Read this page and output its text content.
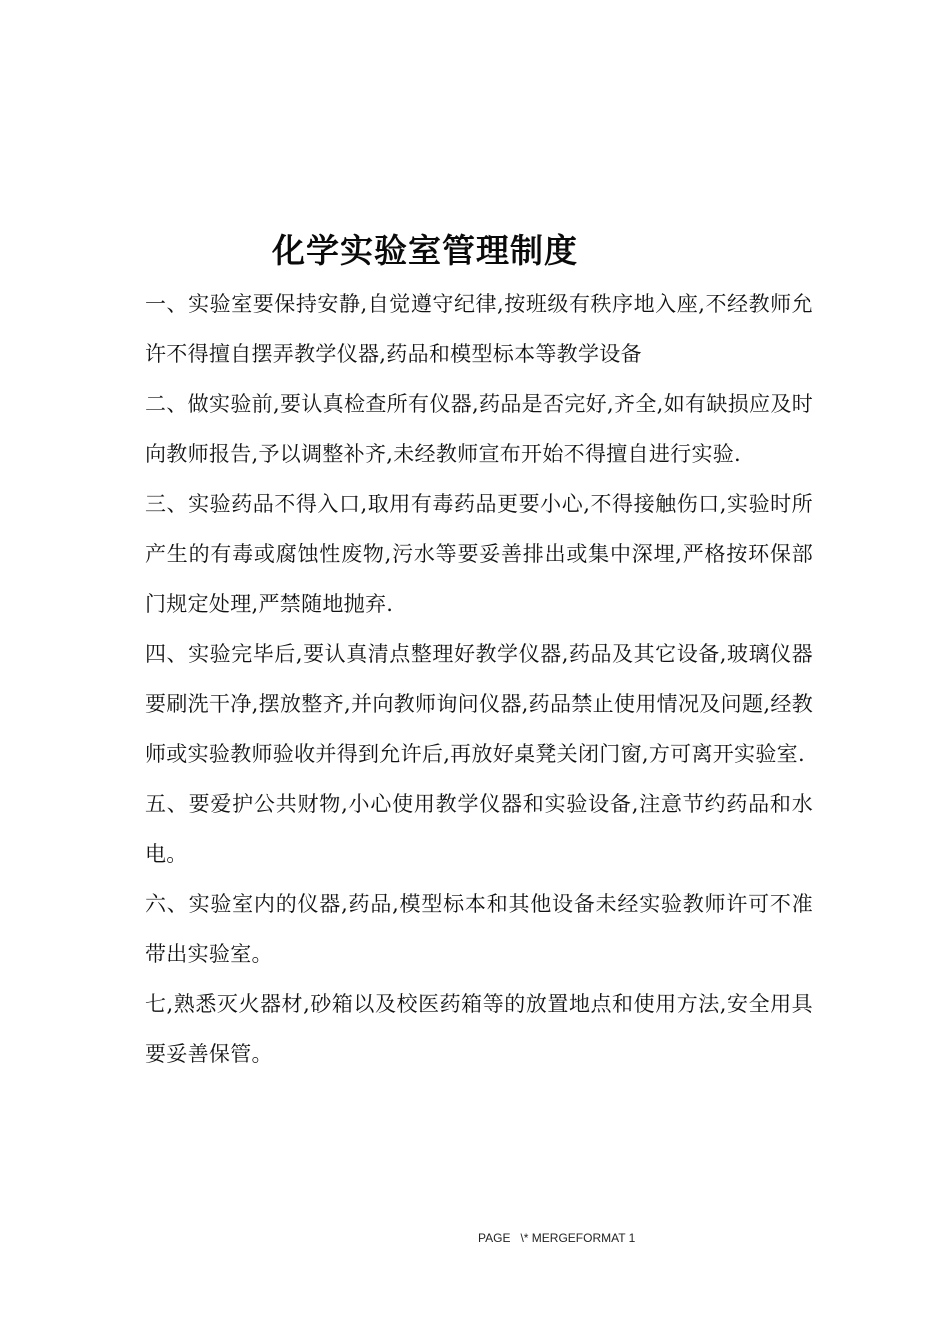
化学实验室管理制度

一、实验室要保持安静,自觉遵守纪律,按班级有秩序地入座,不经教师允许不得擅自摆弄教学仪器,药品和模型标本等教学设备

二、做实验前,要认真检查所有仪器,药品是否完好,齐全,如有缺损应及时向教师报告,予以调整补齐,未经教师宣布开始不得擅自进行实验.

三、实验药品不得入口,取用有毒药品更要小心,不得接触伤口,实验时所产生的有毒或腐蚀性废物,污水等要妥善排出或集中深埋,严格按环保部门规定处理,严禁随地抛弃.

四、实验完毕后,要认真清点整理好教学仪器,药品及其它设备,玻璃仪器要刷洗干净,摆放整齐,并向教师询问仪器,药品禁止使用情况及问题,经教师或实验教师验收并得到允许后,再放好桌凳关闭门窗,方可离开实验室.

五、要爱护公共财物,小心使用教学仪器和实验设备,注意节约药品和水电。

六、实验室内的仪器,药品,模型标本和其他设备未经实验教师许可不准带出实验室。

七,熟悉灭火器材,砂箱以及校医药箱等的放置地点和使用方法,安全用具要妥善保管。

PAGE   \* MERGEFORMAT 1
